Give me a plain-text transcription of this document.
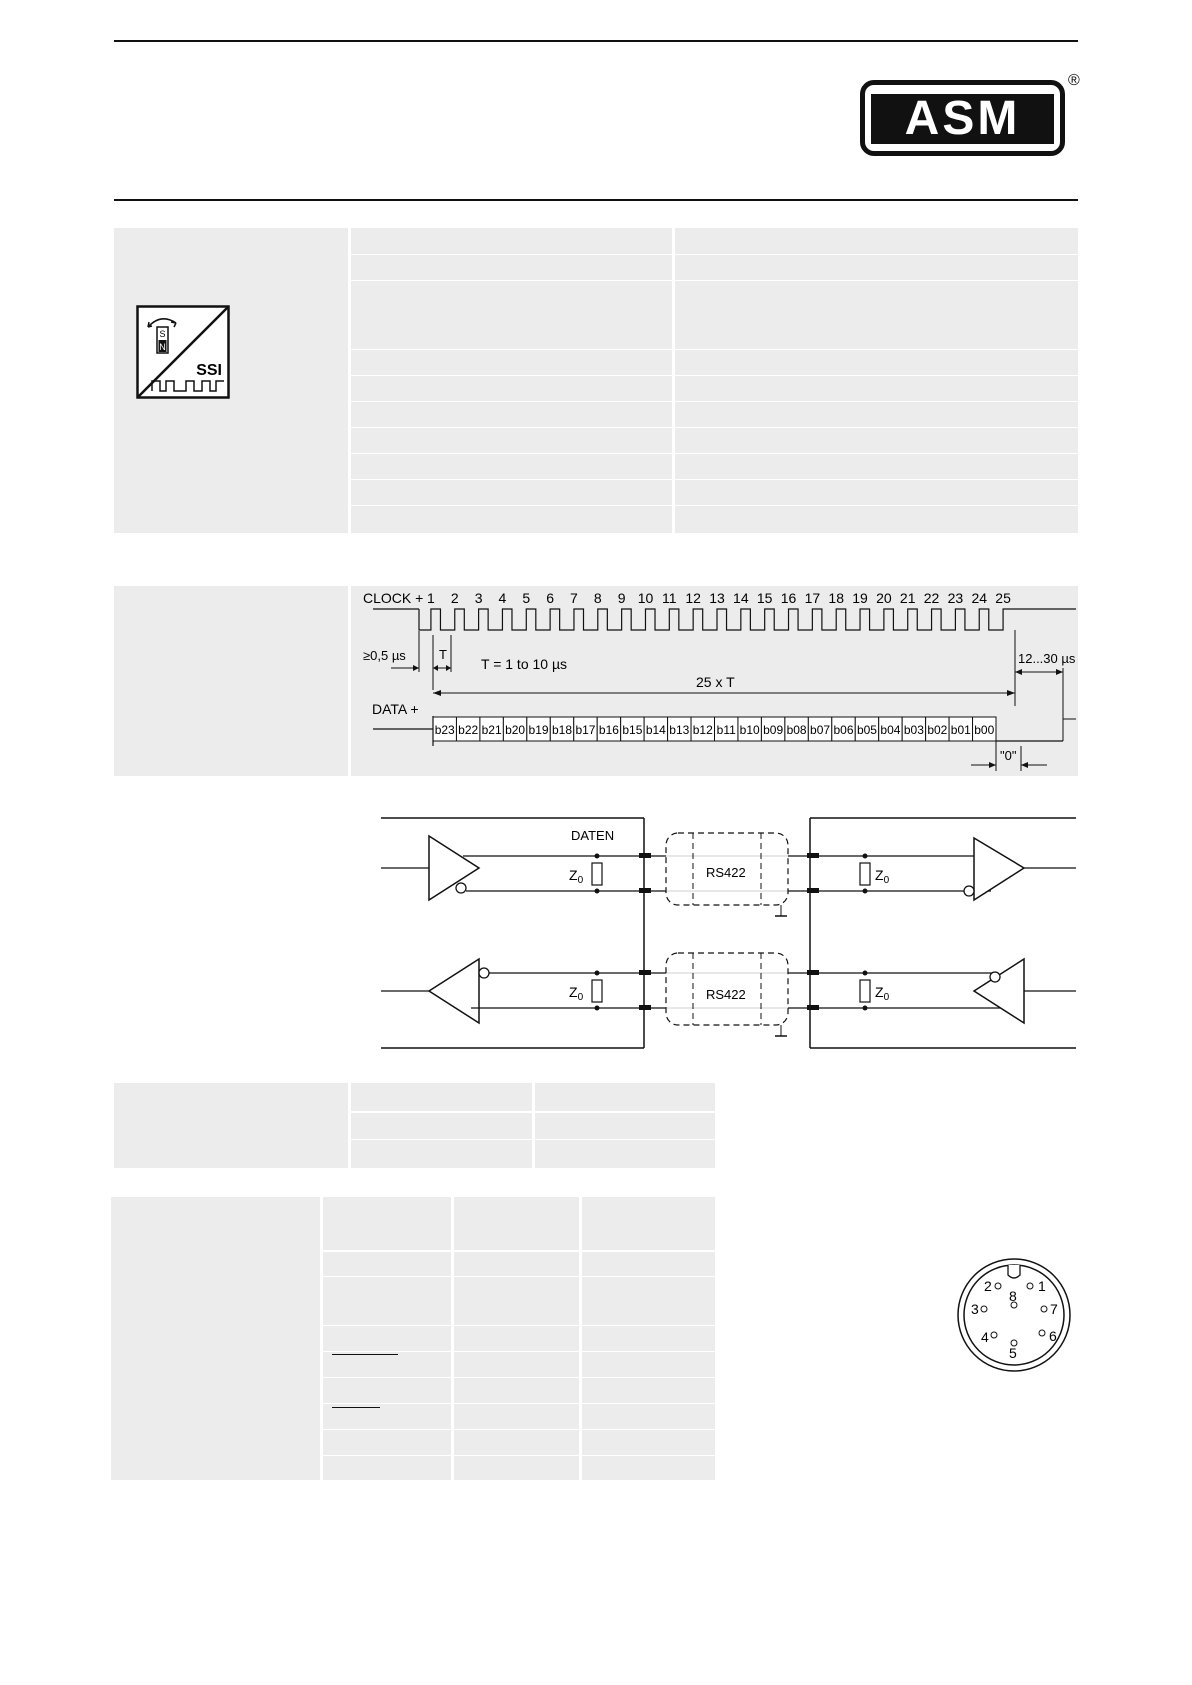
ASM
®
S
N
SSI
1 2 3 4 5 6 7 8 9 10 11 12 13 14 15 16 17 18 19 20 21 22 23 24 25
b23 b22 b21 b20 b19 b18 b17 b16 b15 b14 b13 b12 b11 b10 b09 b08 b07 b06 b05 b04 b03 b02 b01 b00
CLOCK +
DATA +
≥0,5 µs	T
T = 1 to 10 µs
25 x T
12...30 µs
"0"
DATEN
$Z_0$
RS422	$Z_0$
$Z_0$	RS422	$Z_0$
1
2
3
4
5
6
7
8
